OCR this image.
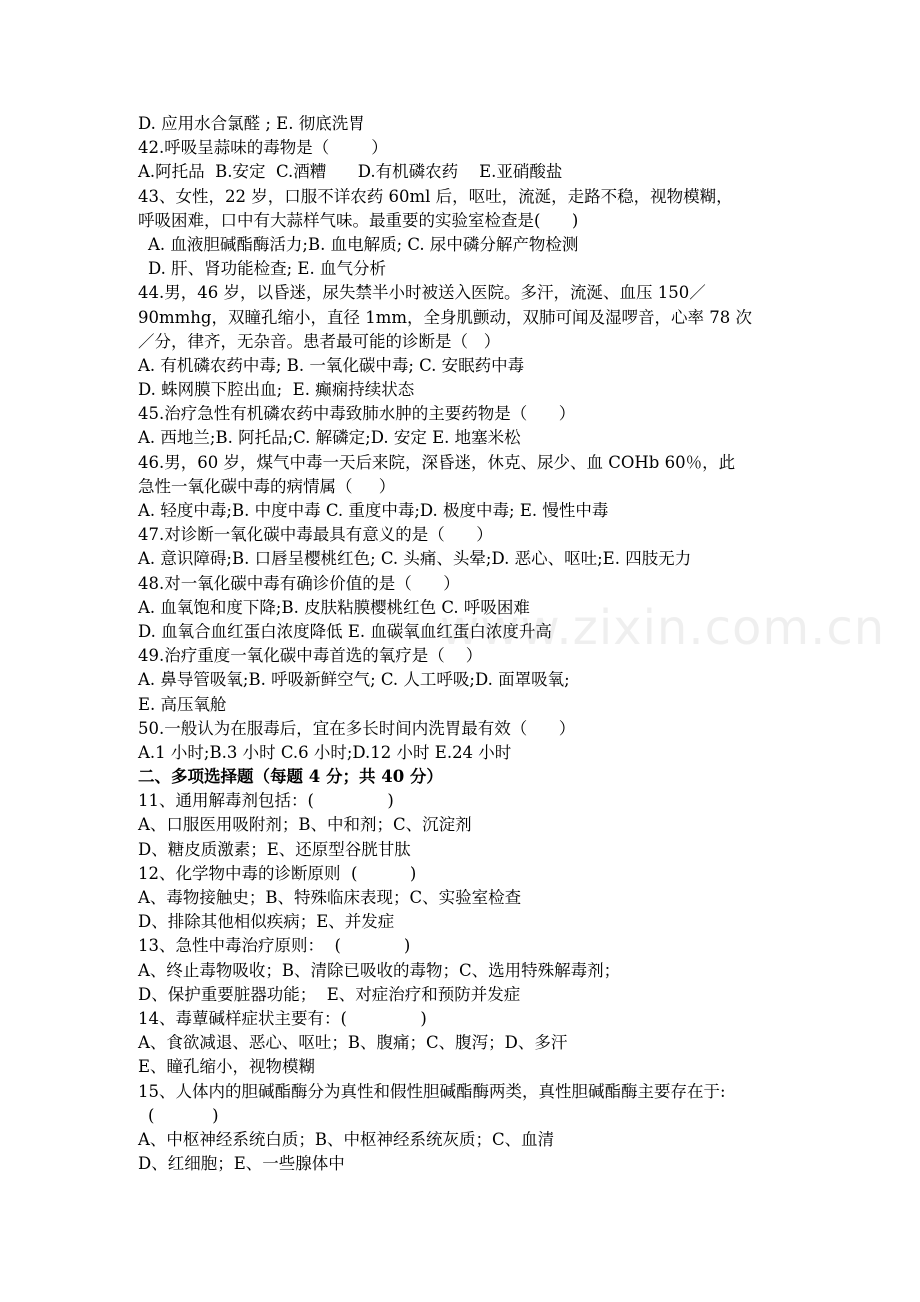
www.zixin.com.cn
D. 应用水合氯醛 ; E. 彻底洗胃
42.呼吸呈蒜味的毒物是（        ）
A.阿托品  B.安定  C.酒糟      D.有机磷农药    E.亚硝酸盐
43、女性，22 岁，口服不详农药 60ml 后，呕吐，流涎，走路不稳，视物模糊，
呼吸困难，口中有大蒜样气味。最重要的实验室检查是(      )
A. 血液胆碱酯酶活力;B. 血电解质; C. 尿中磷分解产物检测
D. 肝、肾功能检查; E. 血气分析
44.男，46 岁，以昏迷，尿失禁半小时被送入医院。多汗，流涎、血压 150／
90mmhg，双瞳孔缩小，直径 1mm，全身肌颤动，双肺可闻及湿啰音，心率 78 次
／分，律齐，无杂音。患者最可能的诊断是（   ）
A. 有机磷农药中毒; B. 一氧化碳中毒; C. 安眠药中毒
D. 蛛网膜下腔出血;  E. 癫痫持续状态
45.治疗急性有机磷农药中毒致肺水肿的主要药物是（      ）
A. 西地兰;B. 阿托品;C. 解磷定;D. 安定 E. 地塞米松
46.男，60 岁，煤气中毒一天后来院，深昏迷，休克、尿少、血 COHb 60％，此
急性一氧化碳中毒的病情属（     ）
A. 轻度中毒;B. 中度中毒 C. 重度中毒;D. 极度中毒; E. 慢性中毒
47.对诊断一氧化碳中毒最具有意义的是（      ）
A. 意识障碍;B. 口唇呈樱桃红色; C. 头痛、头晕;D. 恶心、呕吐;E. 四肢无力
48.对一氧化碳中毒有确诊价值的是（      ）
A. 血氧饱和度下降;B. 皮肤粘膜樱桃红色 C. 呼吸困难
D. 血氧合血红蛋白浓度降低 E. 血碳氧血红蛋白浓度升高
49.治疗重度一氧化碳中毒首选的氧疗是（    ）
A. 鼻导管吸氧;B. 呼吸新鲜空气; C. 人工呼吸;D. 面罩吸氧;
E. 高压氧舱
50.一般认为在服毒后，宜在多长时间内洗胃最有效（      ）
A.1 小时;B.3 小时 C.6 小时;D.12 小时 E.24 小时
二、多项选择题（每题 4 分；共 40 分）
11、通用解毒剂包括：(              )
A、口服医用吸附剂；B、中和剂；C、沉淀剂
D、糖皮质激素；E、还原型谷胱甘肽
12、化学物中毒的诊断原则  (          )
A、毒物接触史；B、特殊临床表现；C、实验室检查
D、排除其他相似疾病；E、并发症
13、急性中毒治疗原则：  (            )
A、终止毒物吸收；B、清除已吸收的毒物；C、选用特殊解毒剂；
D、保护重要脏器功能；  E、对症治疗和预防并发症
14、毒蕈碱样症状主要有：(              )
A、食欲减退、恶心、呕吐；B、腹痛；C、腹泻；D、多汗
E、瞳孔缩小，视物模糊
15、人体内的胆碱酯酶分为真性和假性胆碱酯酶两类，真性胆碱酯酶主要存在于:
(           )
A、中枢神经系统白质；B、中枢神经系统灰质；C、血清
D、红细胞；E、一些腺体中
